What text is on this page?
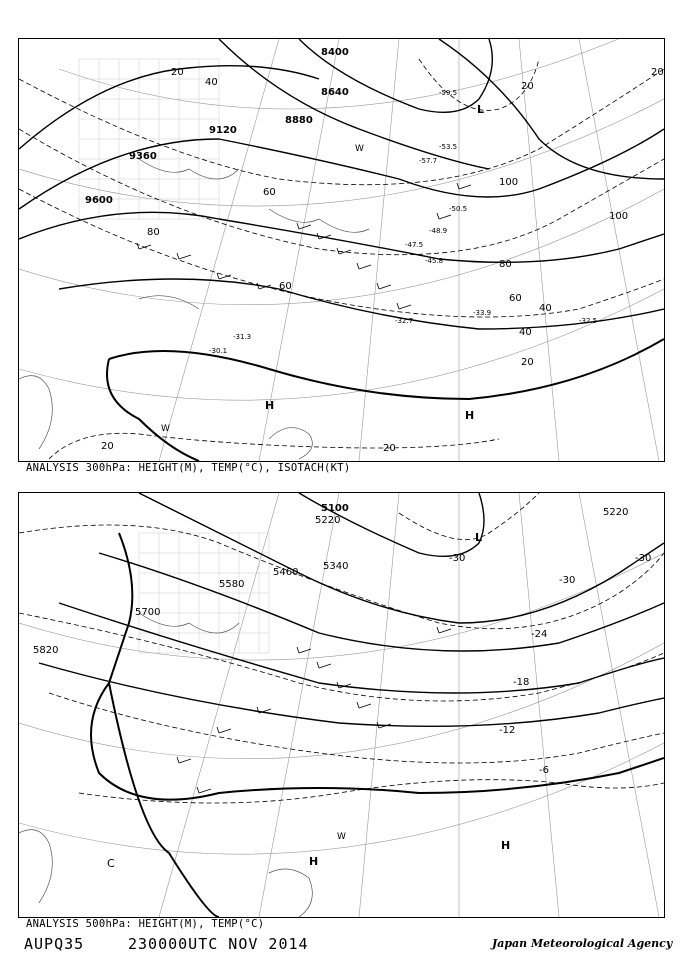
8400
8640
8880
9120
9360
9600
20
40
60
80
100
100
80
60
40
40
20
20	20
20
20
60
-59.5
-57.7
-53.5
-50.5
-48.9
-47.5
-45.8
-33.9
-32.7
-31.3
-30.1
-32.5
L
H
H
W
W
ANALYSIS 300hPa: HEIGHT(M), TEMP(°C), ISOTACH(KT)
5100
5220
5340
5460
5580
5700
5820
5220
-30	-30
-30
-24
-18
-12
-6
L
H
H
C
W
ANALYSIS 500hPa: HEIGHT(M), TEMP(°C)
AUPQ35	230000UTC NOV 2014	Japan Meteorological Agency
